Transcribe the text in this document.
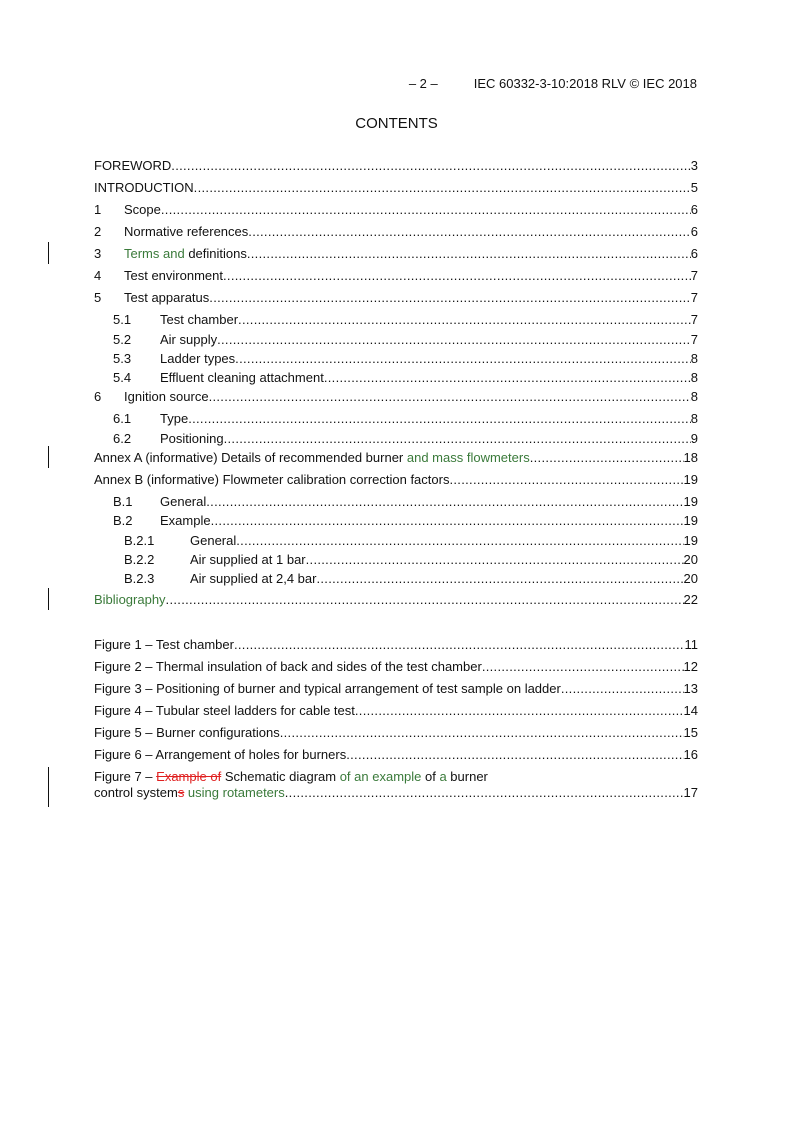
– 2 –	IEC 60332-3-10:2018 RLV © IEC 2018
CONTENTS
FOREWORD .....	3
INTRODUCTION .....	5
1	Scope .....	6
2	Normative references .....	6
3	Terms and definitions .....	6
4	Test environment .....	7
5	Test apparatus .....	7
5.1	Test chamber .....	7
5.2	Air supply .....	7
5.3	Ladder types .....	8
5.4	Effluent cleaning attachment .....	8
6	Ignition source .....	8
6.1	Type .....	8
6.2	Positioning .....	9
Annex A (informative) Details of recommended burner and mass flowmeters .....	18
Annex B (informative) Flowmeter calibration correction factors .....	19
B.1	General .....	19
B.2	Example .....	19
B.2.1	General .....	19
B.2.2	Air supplied at 1 bar .....	20
B.2.3	Air supplied at 2,4 bar .....	20
Bibliography .....	22
Figure 1 – Test chamber .....	11
Figure 2 – Thermal insulation of back and sides of the test chamber .....	12
Figure 3 – Positioning of burner and typical arrangement of test sample on ladder .....	13
Figure 4 – Tubular steel ladders for cable test .....	14
Figure 5 – Burner configurations .....	15
Figure 6 – Arrangement of holes for burners .....	16
Figure 7 – Example of Schematic diagram of an example of a burner
control systems using rotameters .....	17
